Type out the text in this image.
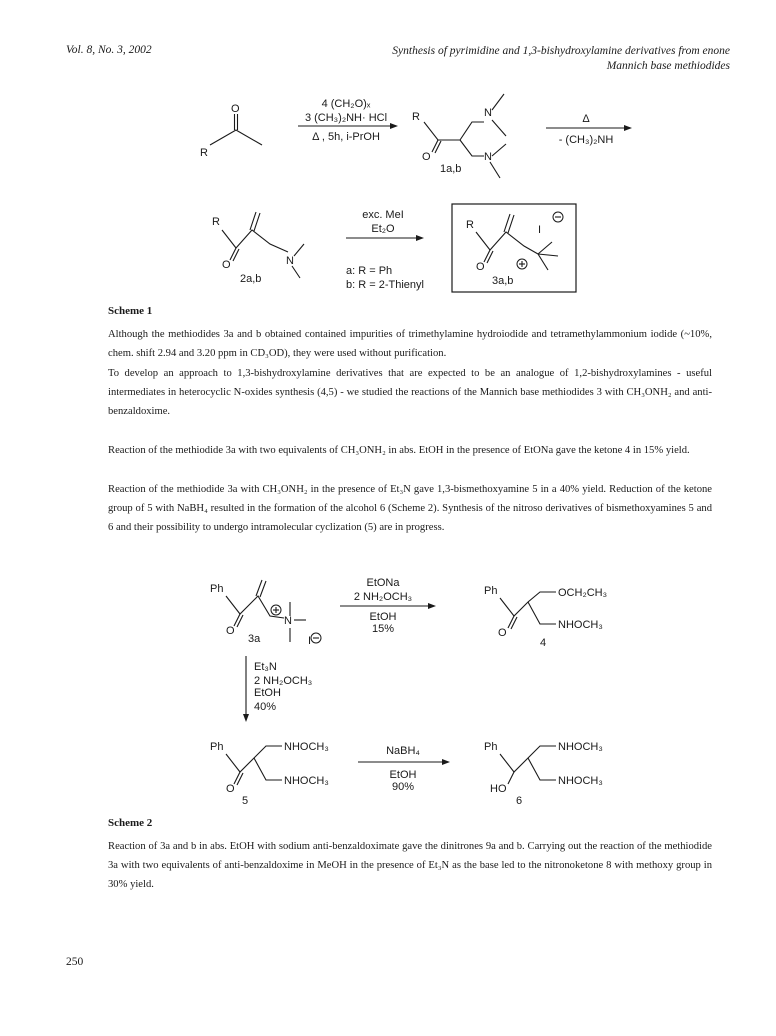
Vol. 8, No. 3, 2002	Synthesis of pyrimidine and 1,3-bishydroxylamine derivatives from enone
Mannich base methiodides
O
R
4 (CH₂O)ₓ
3 (CH₃)₂NH· HCl
Δ , 5h, i-PrOH
R
O
N
N
1a,b
Δ
- (CH₃)₂NH
R
O	N
2a,b
exc. MeI
Et₂O	R
O
I
3a,b
a: R = Ph
b: R = 2-Thienyl
Scheme 1

Although the methiodides 3a and b obtained contained impurities of trimethylamine hydroiodide and tetramethylammonium iodide (~10%, chem. shift 2.94 and 3.20 ppm in CD₃OD), they were used without purification.

To develop an approach to 1,3-bishydroxylamine derivatives that are expected to be an analogue of 1,2-bishydroxylamines - useful intermediates in heterocyclic N-oxides synthesis (4,5) - we studied the reactions of the Mannich base methiodides 3 with CH₃ONH₂ and anti-benzaldoxime.

Reaction of the methiodide 3a with two equivalents of CH₃ONH₂ in abs. EtOH in the presence of EtONa gave the ketone 4 in 15% yield.

Reaction of the methiodide 3a with CH₃ONH₂ in the presence of Et₃N gave 1,3-bismethoxyamine 5 in a 40% yield. Reduction of the ketone group of 5 with NaBH₄ resulted in the formation of the alcohol 6 (Scheme 2). Synthesis of the nitroso derivatives of bismethoxyamines 5 and 6 and their possibility to undergo intramolecular cyclization (5) are in progress.

Ph
O
N
3a	I
EtONa
2 NH₂OCH₃
EtOH
15%
Ph
O
OCH₂CH₃
NHOCH₃
4
Et₃N
2 NH₂OCH₃
EtOH
40%
Ph
O
NHOCH₃
NHOCH₃
5
NaBH₄
EtOH
90%
Ph
HO
NHOCH₃
NHOCH₃
6
Scheme 2

Reaction of 3a and b in abs. EtOH with sodium anti-benzaldoximate gave the dinitrones 9a and b. Carrying out the reaction of the methiodide 3a with two equivalents of anti-benzaldoxime in MeOH in the presence of Et₃N as the base led to the nitronoketone 8 with methoxy group in 30% yield.

250
